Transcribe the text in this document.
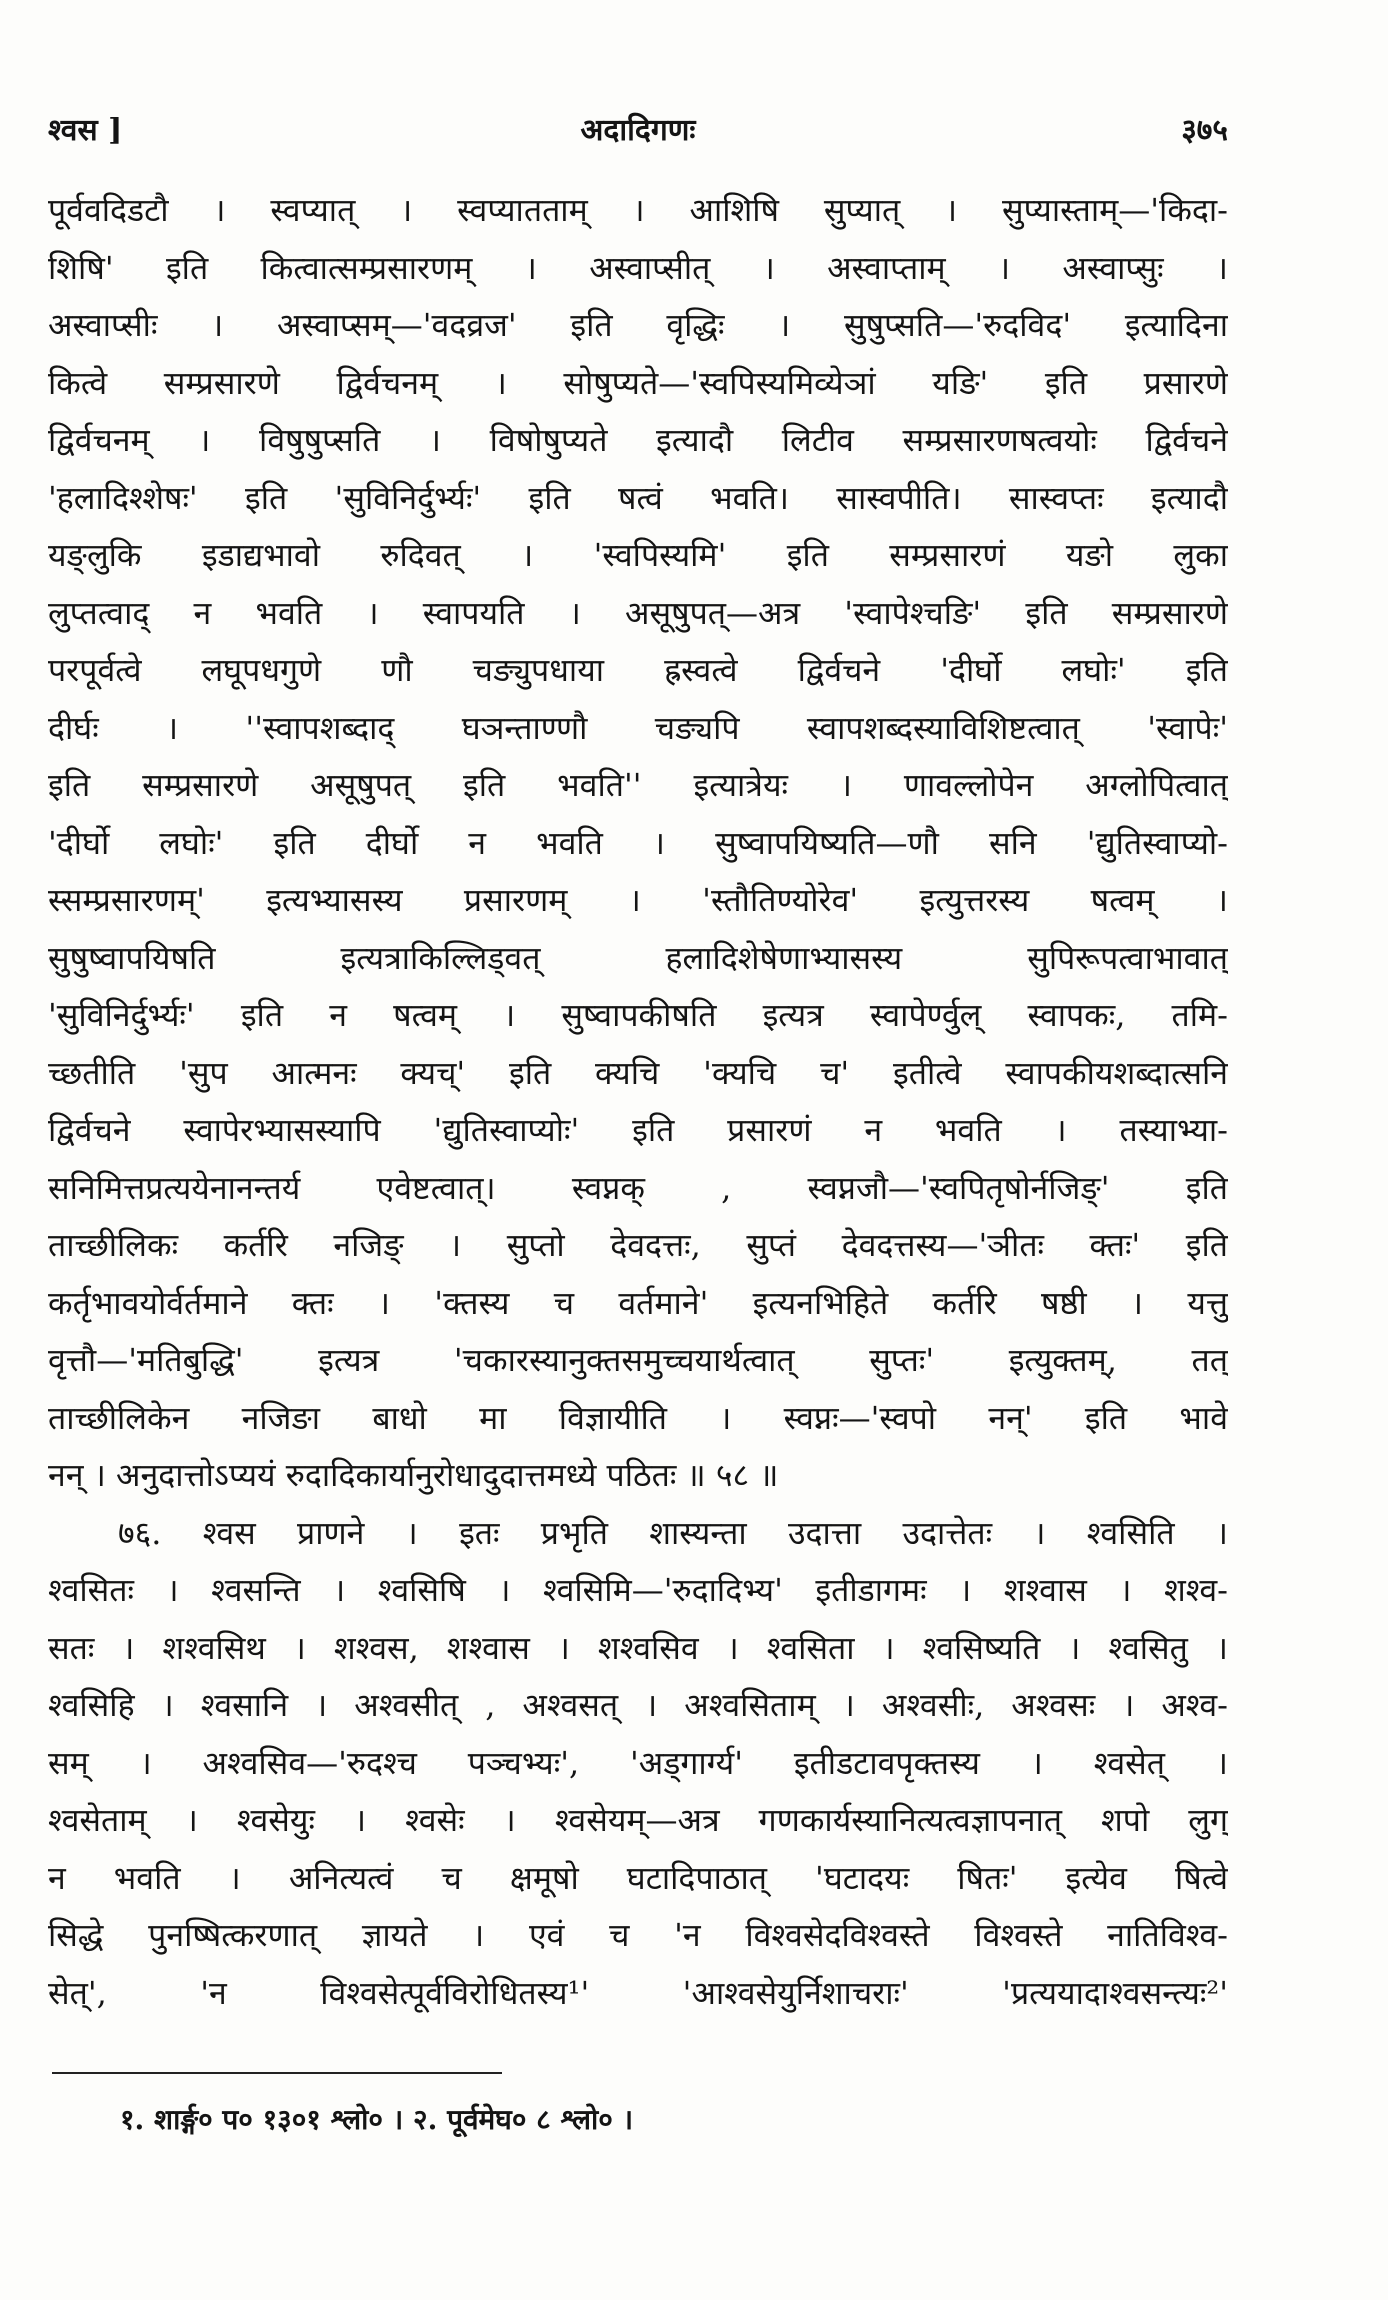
श्वस ]	अदादिगणः	३७५
पूर्ववदिडटौ । स्वप्यात् । स्वप्यातताम् । आशिषि सुप्यात् । सुप्यास्ताम्—'किदा-
शिषि' इति कित्वात्सम्प्रसारणम् । अस्वाप्सीत् । अस्वाप्ताम् । अस्वाप्सुः ।
अस्वाप्सीः । अस्वाप्सम्—'वदव्रज' इति वृद्धिः । सुषुप्सति—'रुदविद' इत्यादिना
कित्वे सम्प्रसारणे द्विर्वचनम् । सोषुप्यते—'स्वपिस्यमिव्येञां यङि' इति प्रसारणे
द्विर्वचनम् । विषुषुप्सति । विषोषुप्यते इत्यादौ लिटीव सम्प्रसारणषत्वयोः द्विर्वचने
'हलादिश्शेषः' इति 'सुविनिर्दुर्भ्यः' इति षत्वं भवति। सास्वपीति। सास्वप्तः इत्यादौ
यङ्लुकि इडाद्यभावो रुदिवत् । 'स्वपिस्यमि' इति सम्प्रसारणं यङो लुका
लुप्तत्वाद् न भवति । स्वापयति । असूषुपत्—अत्र 'स्वापेश्चङि' इति सम्प्रसारणे
परपूर्वत्वे लघूपधगुणे णौ चङ्युपधाया ह्रस्वत्वे द्विर्वचने 'दीर्घो लघोः' इति
दीर्घः । ''स्वापशब्दाद् घञन्ताण्णौ चङ्यपि स्वापशब्दस्याविशिष्टत्वात् 'स्वापेः'
इति सम्प्रसारणे असूषुपत् इति भवति'' इत्यात्रेयः । णावल्लोपेन अग्लोपित्वात्
'दीर्घो लघोः' इति दीर्घो न भवति । सुष्वापयिष्यति—णौ सनि 'द्युतिस्वाप्यो-
स्सम्प्रसारणम्' इत्यभ्यासस्य प्रसारणम् । 'स्तौतिण्योरेव' इत्युत्तरस्य षत्वम् ।
सुषुष्वापयिषति इत्यत्राकिल्लिड्वत् हलादिशेषेणाभ्यासस्य सुपिरूपत्वाभावात्
'सुविनिर्दुर्भ्यः' इति न षत्वम् । सुष्वापकीषति इत्यत्र स्वापेर्ण्वुल् स्वापकः, तमि-
च्छतीति 'सुप आत्मनः क्यच्' इति क्यचि 'क्यचि च' इतीत्वे स्वापकीयशब्दात्सनि
द्विर्वचने स्वापेरभ्यासस्यापि 'द्युतिस्वाप्योः' इति प्रसारणं न भवति । तस्याभ्या-
सनिमित्तप्रत्ययेनानन्तर्य एवेष्टत्वात्। स्वप्नक् , स्वप्नजौ—'स्वपितृषोर्नजिङ्' इति
ताच्छीलिकः कर्तरि नजिङ् । सुप्तो देवदत्तः, सुप्तं देवदत्तस्य—'ञीतः क्तः' इति
कर्तृभावयोर्वर्तमाने क्तः । 'क्तस्य च वर्तमाने' इत्यनभिहिते कर्तरि षष्ठी । यत्तु
वृत्तौ—'मतिबुद्धि' इत्यत्र 'चकारस्यानुक्तसमुच्चयार्थत्वात् सुप्तः' इत्युक्तम्, तत्
ताच्छीलिकेन नजिङा बाधो मा विज्ञायीति । स्वप्नः—'स्वपो नन्' इति भावे
नन् । अनुदात्तोऽप्ययं रुदादिकार्यानुरोधादुदात्तमध्ये पठितः ॥ ५८ ॥
७६. श्वस प्राणने । इतः प्रभृति शास्यन्ता उदात्ता उदात्तेतः । श्वसिति ।
श्वसितः । श्वसन्ति । श्वसिषि । श्वसिमि—'रुदादिभ्य' इतीडागमः । शश्वास । शश्व-
सतः । शश्वसिथ । शश्वस, शश्वास । शश्वसिव । श्वसिता । श्वसिष्यति । श्वसितु ।
श्वसिहि । श्वसानि । अश्वसीत् , अश्वसत् । अश्वसिताम् । अश्वसीः, अश्वसः । अश्व-
सम् । अश्वसिव—'रुदश्च पञ्चभ्यः', 'अड्गार्ग्य' इतीडटावपृक्तस्य । श्वसेत् ।
श्वसेताम् । श्वसेयुः । श्वसेः । श्वसेयम्—अत्र गणकार्यस्यानित्यत्वज्ञापनात् शपो लुग्
न भवति । अनित्यत्वं च क्षमूषो घटादिपाठात् 'घटादयः षितः' इत्येव षित्वे
सिद्धे पुनष्षित्करणात् ज्ञायते । एवं च 'न विश्वसेदविश्वस्ते विश्वस्ते नातिविश्व-
सेत्', 'न विश्वसेत्पूर्वविरोधितस्य¹' 'आश्वसेयुर्निशाचराः' 'प्रत्ययादाश्वसन्त्यः²'
१. शार्ङ्ग० प० १३०१ श्लो० । २. पूर्वमेघ० ८ श्लो० ।
